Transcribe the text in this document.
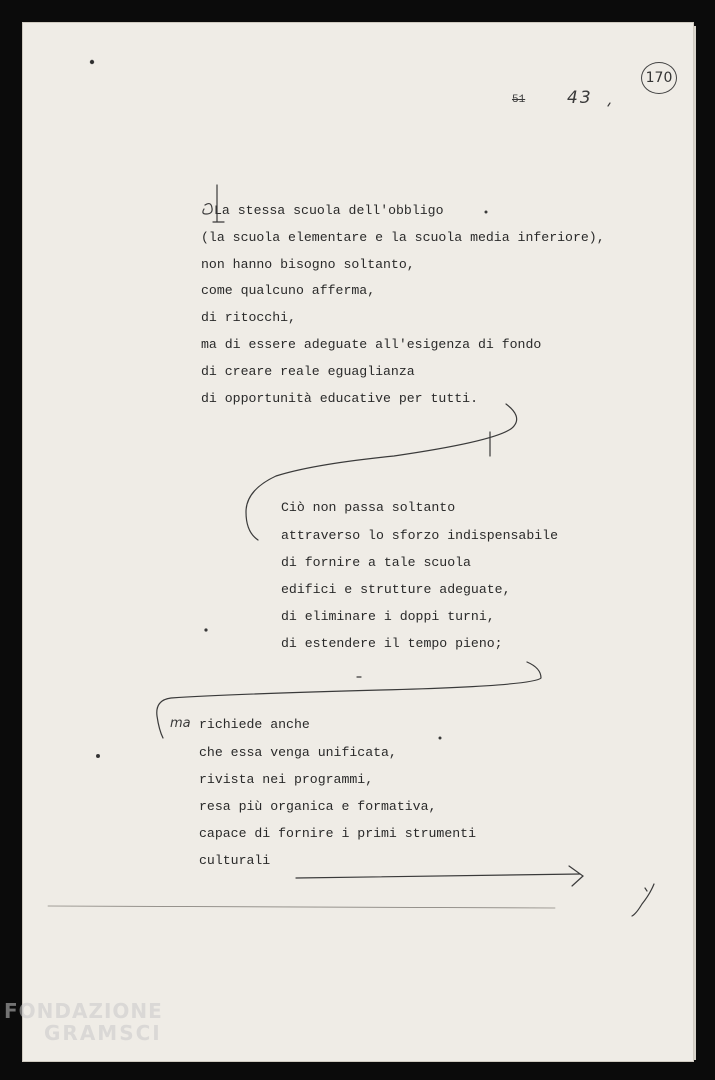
51 43
170
La stessa scuola dell'obbligo
(la scuola elementare e la scuola media inferiore),
non hanno bisogno soltanto,
come qualcuno afferma,
di ritocchi,
ma di essere adeguate all'esigenza di fondo
di creare reale eguaglianza
di opportunità educative per tutti.
Ciò non passa soltanto
attraverso lo sforzo indispensabile
di fornire a tale scuola
edifici e strutture adeguate,
di eliminare i doppi turni,
di estendere il tempo pieno;
ma richiede anche
che essa venga unificata,
rivista nei programmi,
resa più organica e formativa,
capace di fornire i primi strumenti
culturali
FONDAZIONE
GRAMSCI
